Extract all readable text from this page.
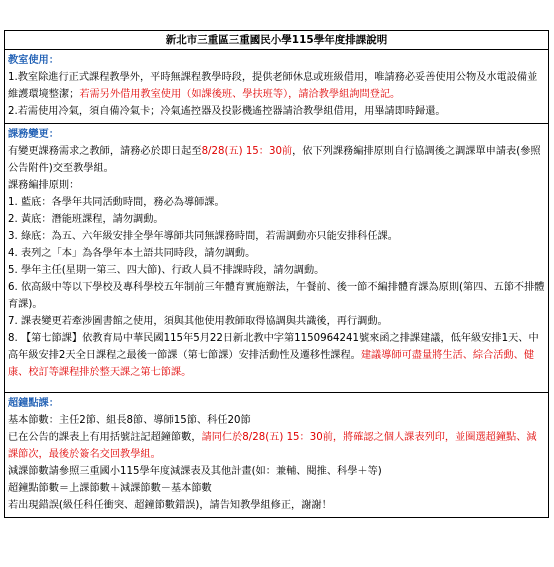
新北市三重區三重國民小學115學年度排課說明

教室使用：

1.教室除進行正式課程教學外，平時無課程教學時段，提供老師休息或班級借用，唯請務必妥善使用公物及水電設備並維護環境整潔；若需另外借用教室使用（如課後班、學扶班等），請洽教學組詢問登記。

2.若需使用冷氣，須自備冷氣卡；冷氣遙控器及投影機遙控器請洽教學組借用，用畢請即時歸還。

課務變更：

有變更課務需求之教師，請務必於即日起至8/28(五) 15：30前，依下列課務編排原則自行協調後之調課單申請表(參照公告附件)交至教學組。

課務編排原則：

1. 藍底：各學年共同活動時間，務必為導師課。

2. 黃底：潛能班課程，請勿調動。

3. 綠底：為五、六年級安排全學年導師共同無課務時間，若需調動亦只能安排科任課。

4. 表列之「本」為各學年本土語共同時段，請勿調動。

5. 學年主任(星期一第三、四大節)、行政人員不排課時段，請勿調動。

6. 依高級中等以下學校及專科學校五年制前三年體育實施辦法，午餐前、後一節不編排體育課為原則(第四、五節不排體育課)。

7. 課表變更若牽涉圖書館之使用，須與其他使用教師取得協調與共識後，再行調動。

8. 【第七節課】依教育局中華民國115年5月22日新北教中字第1150964241號來函之排課建議，低年級安排1天、中高年級安排2天全日課程之最後一節課（第七節課）安排活動性及遷移性課程。建議導師可盡量將生活、綜合活動、健康、校訂等課程排於整天課之第七節課。

超鐘點課：

基本節數：主任2節、組長8節、導師15節、科任20節

已在公告的課表上有用括號註記超鐘節數，請同仁於8/28(五) 15：30前，將確認之個人課表列印，並圈選超鐘點、減課節次，最後於簽名交回教學組。

減課節數請參照三重國小115學年度減課表及其他計畫(如：兼輔、閱推、科學＋等)

超鐘點節數＝上課節數＋減課節數－基本節數

若出現錯誤(級任科任衝突、超鐘節數錯誤)，請告知教學組修正，謝謝！
